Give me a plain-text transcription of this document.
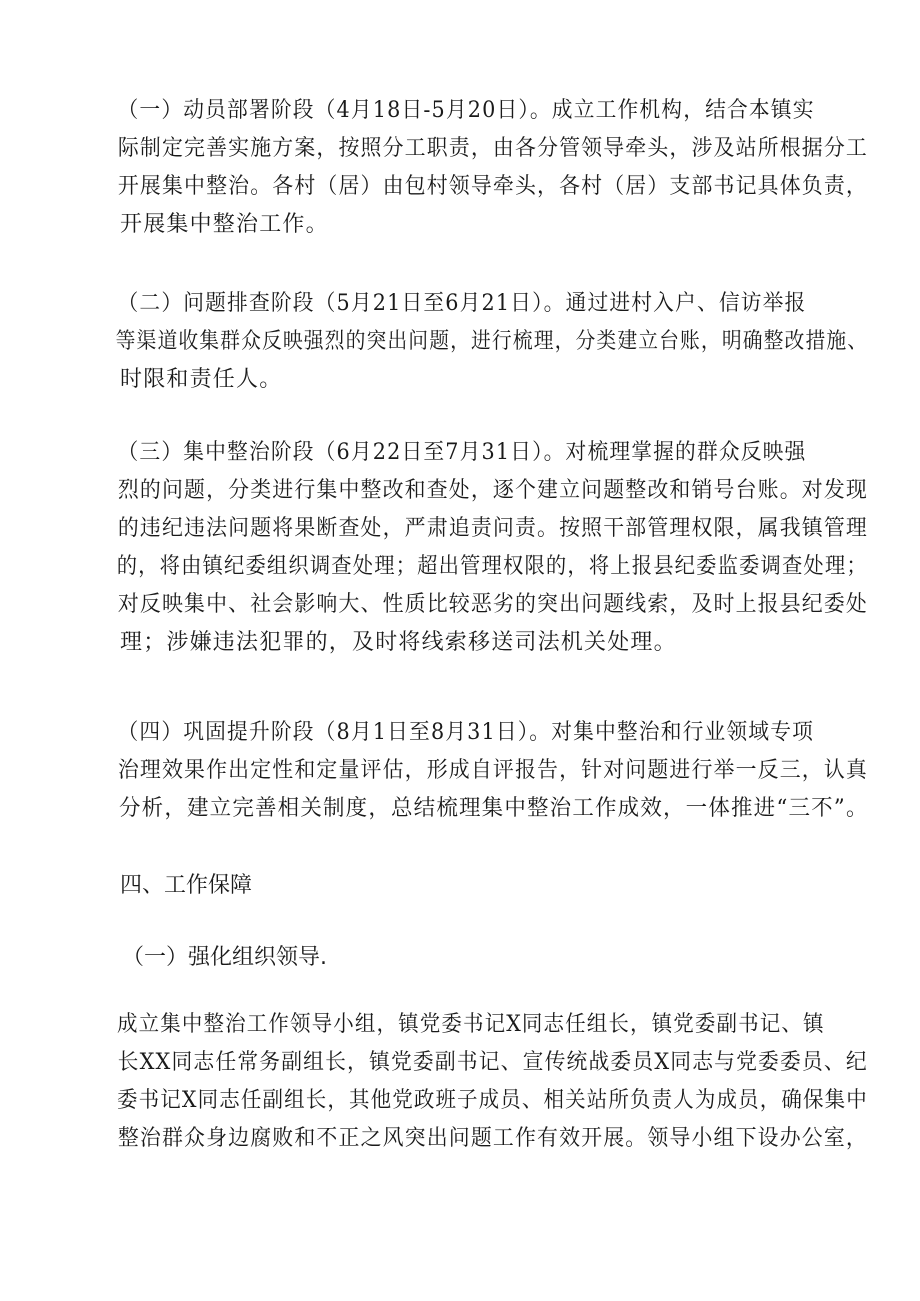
（一）动员部署阶段（4月18日-5月20日）。成立工作机构，结合本镇实
际制定完善实施方案，按照分工职责，由各分管领导牵头，涉及站所根据分工
开展集中整治。各村（居）由包村领导牵头，各村（居）支部书记具体负责，
开展集中整治工作。

（二）问题排查阶段（5月21日至6月21日）。通过进村入户、信访举报
等渠道收集群众反映强烈的突出问题，进行梳理，分类建立台账，明确整改措施、
时限和责任人。

（三）集中整治阶段（6月22日至7月31日）。对梳理掌握的群众反映强
烈的问题，分类进行集中整改和查处，逐个建立问题整改和销号台账。对发现
的违纪违法问题将果断查处，严肃追责问责。按照干部管理权限，属我镇管理
的，将由镇纪委组织调查处理；超出管理权限的，将上报县纪委监委调查处理；
对反映集中、社会影响大、性质比较恶劣的突出问题线索，及时上报县纪委处
理；涉嫌违法犯罪的，及时将线索移送司法机关处理。

（四）巩固提升阶段（8月1日至8月31日）。对集中整治和行业领域专项
治理效果作出定性和定量评估，形成自评报告，针对问题进行举一反三，认真
分析，建立完善相关制度，总结梳理集中整治工作成效，一体推进“三不”。

四、工作保障
（一）强化组织领导.

成立集中整治工作领导小组，镇党委书记X同志任组长，镇党委副书记、镇
长XX同志任常务副组长，镇党委副书记、宣传统战委员X同志与党委委员、纪
委书记X同志任副组长，其他党政班子成员、相关站所负责人为成员，确保集中
整治群众身边腐败和不正之风突出问题工作有效开展。领导小组下设办公室，
